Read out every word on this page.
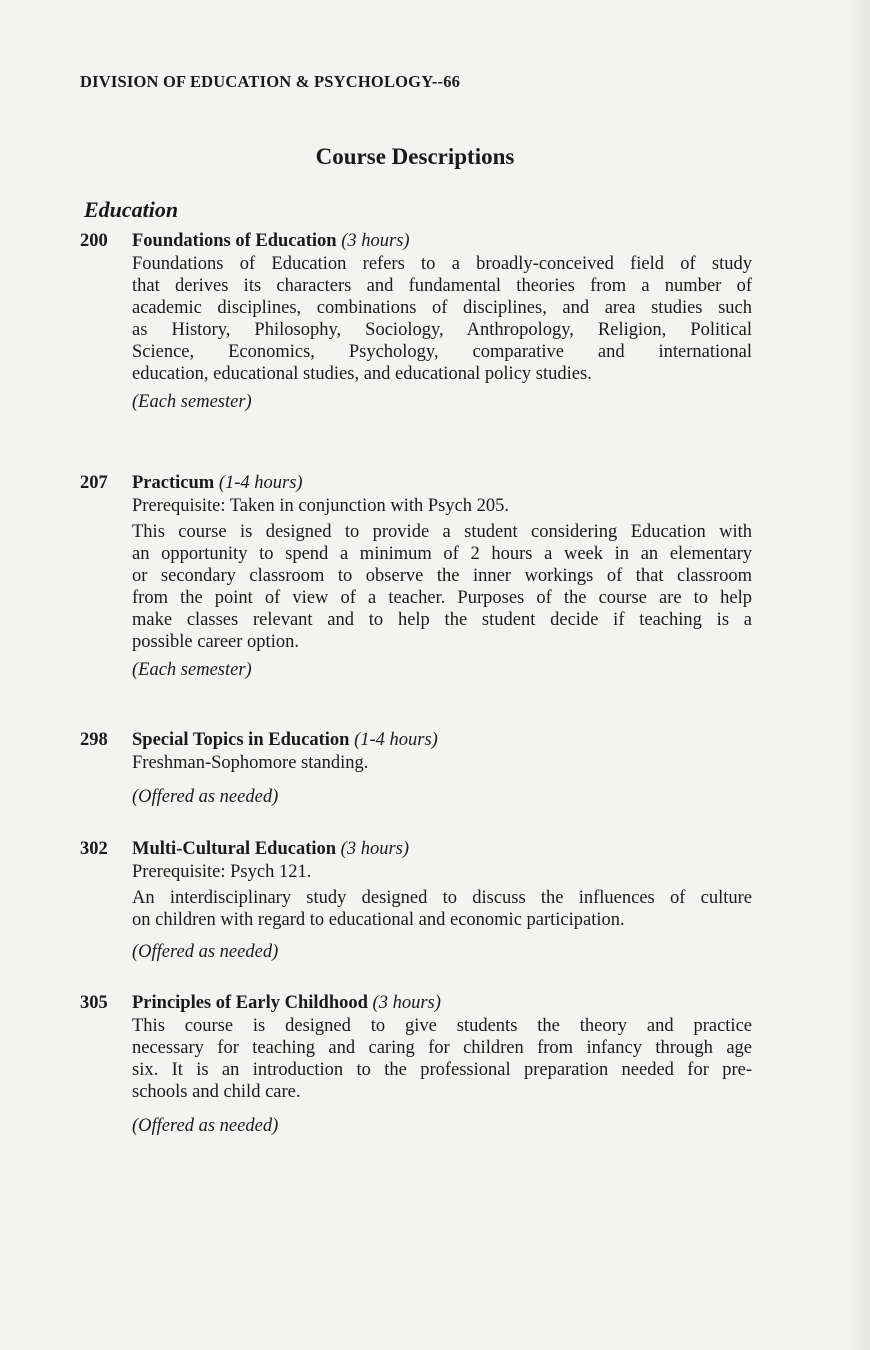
DIVISION OF EDUCATION & PSYCHOLOGY--66
Course Descriptions
Education
200 Foundations of Education (3 hours)
Foundations of Education refers to a broadly-conceived field of study
that derives its characters and fundamental theories from a number of
academic disciplines, combinations of disciplines, and area studies such
as History, Philosophy, Sociology, Anthropology, Religion, Political
Science, Economics, Psychology, comparative and international
education, educational studies, and educational policy studies.
(Each semester)
207 Practicum (1-4 hours)
Prerequisite: Taken in conjunction with Psych 205.
This course is designed to provide a student considering Education with
an opportunity to spend a minimum of 2 hours a week in an elementary
or secondary classroom to observe the inner workings of that classroom
from the point of view of a teacher. Purposes of the course are to help
make classes relevant and to help the student decide if teaching is a
possible career option.
(Each semester)
298 Special Topics in Education (1-4 hours)
Freshman-Sophomore standing.
(Offered as needed)
302 Multi-Cultural Education (3 hours)
Prerequisite: Psych 121.
An interdisciplinary study designed to discuss the influences of culture
on children with regard to educational and economic participation.
(Offered as needed)
305 Principles of Early Childhood (3 hours)
This course is designed to give students the theory and practice
necessary for teaching and caring for children from infancy through age
six. It is an introduction to the professional preparation needed for pre-
schools and child care.
(Offered as needed)
